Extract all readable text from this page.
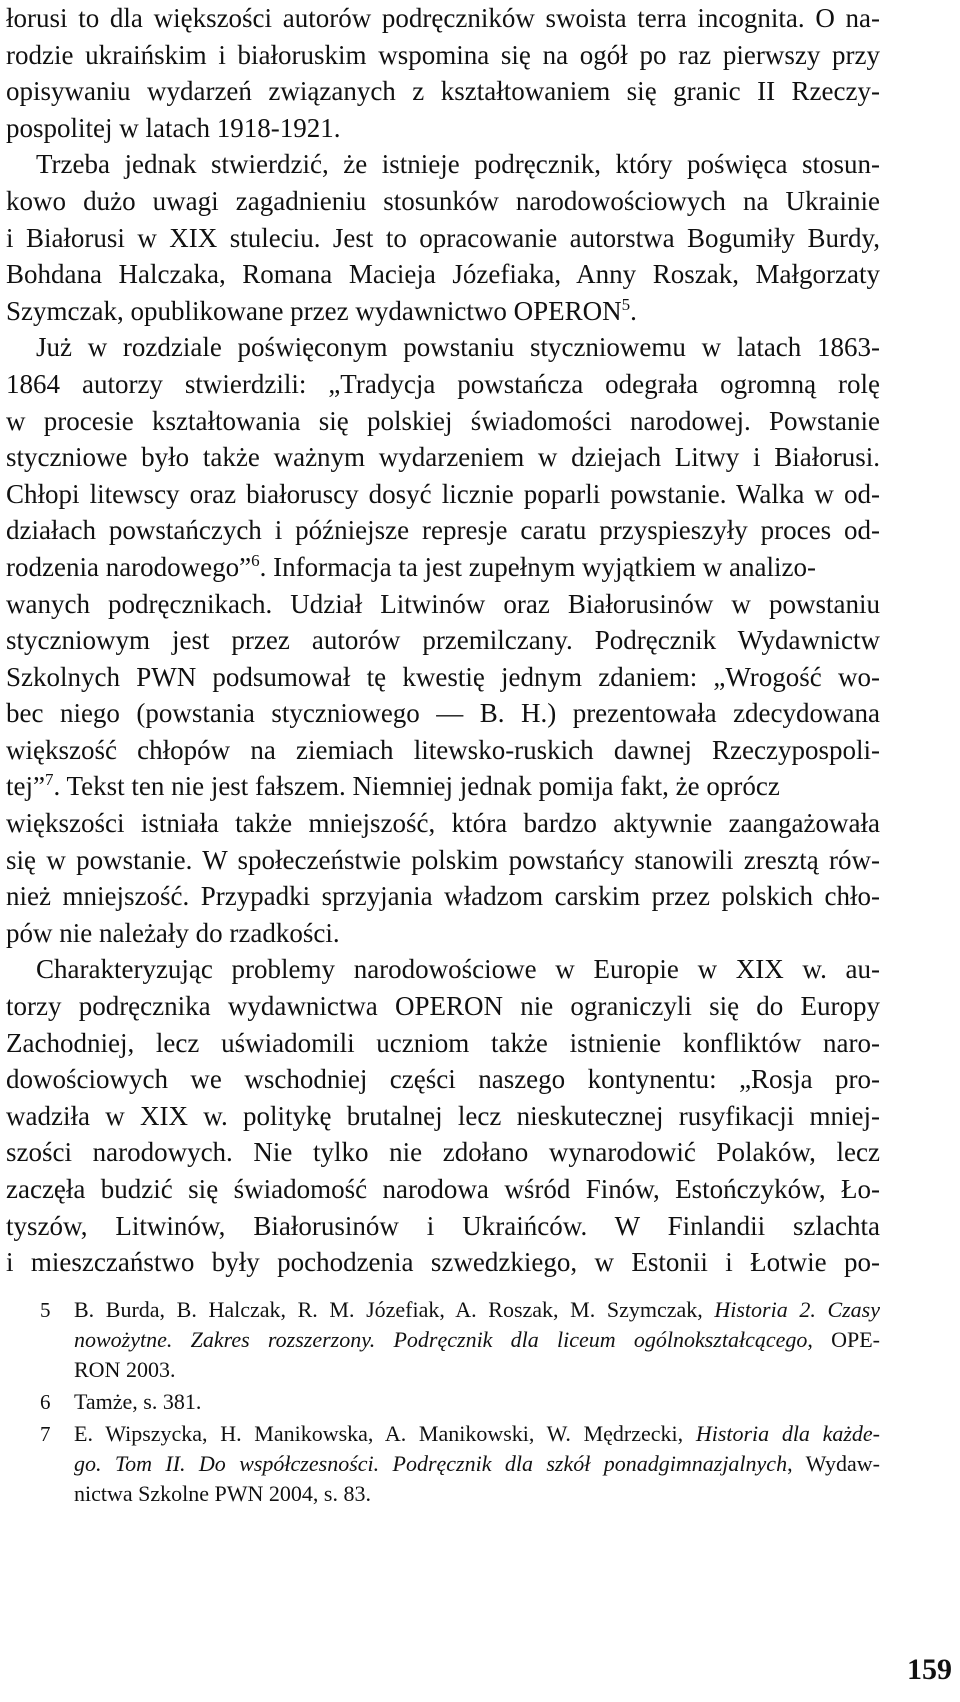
łorusi to dla większości autorów podręczników swoista terra incognita. O na-
rodzie ukraińskim i białoruskim wspomina się na ogół po raz pierwszy przy
opisywaniu wydarzeń związanych z kształtowaniem się granic II Rzeczy-
pospolitej w latach 1918-1921.
Trzeba jednak stwierdzić, że istnieje podręcznik, który poświęca stosun-
kowo dużo uwagi zagadnieniu stosunków narodowościowych na Ukrainie
i Białorusi w XIX stuleciu. Jest to opracowanie autorstwa Bogumiły Burdy,
Bohdana Halczaka, Romana Macieja Józefiaka, Anny Roszak, Małgorzaty
Szymczak, opublikowane przez wydawnictwo OPERON$^5$.
Już w rozdziale poświęconym powstaniu styczniowemu w latach 1863-
1864 autorzy stwierdzili: „Tradycja powstańcza odegrała ogromną rolę
w procesie kształtowania się polskiej świadomości narodowej. Powstanie
styczniowe było także ważnym wydarzeniem w dziejach Litwy i Białorusi.
Chłopi litewscy oraz białoruscy dosyć licznie poparli powstanie. Walka w od-
działach powstańczych i późniejsze represje caratu przyspieszyły proces od-
rodzenia narodowego”$^6$. Informacja ta jest zupełnym wyjątkiem w analizo-
wanych podręcznikach. Udział Litwinów oraz Białorusinów w powstaniu
styczniowym jest przez autorów przemilczany. Podręcznik Wydawnictw
Szkolnych PWN podsumował tę kwestię jednym zdaniem: „Wrogość wo-
bec niego (powstania styczniowego — B. H.) prezentowała zdecydowana
większość chłopów na ziemiach litewsko-ruskich dawnej Rzeczypospoli-
tej”$^7$. Tekst ten nie jest fałszem. Niemniej jednak pomija fakt, że oprócz
większości istniała także mniejszość, która bardzo aktywnie zaangażowała
się w powstanie. W społeczeństwie polskim powstańcy stanowili zresztą rów-
nież mniejszość. Przypadki sprzyjania władzom carskim przez polskich chło-
pów nie należały do rzadkości.
Charakteryzując problemy narodowościowe w Europie w XIX w. au-
torzy podręcznika wydawnictwa OPERON nie ograniczyli się do Europy
Zachodniej, lecz uświadomili uczniom także istnienie konfliktów naro-
dowościowych we wschodniej części naszego kontynentu: „Rosja pro-
wadziła w XIX w. politykę brutalnej lecz nieskutecznej rusyfikacji mniej-
szości narodowych. Nie tylko nie zdołano wynarodowić Polaków, lecz
zaczęła budzić się świadomość narodowa wśród Finów, Estończyków, Ło-
tyszów, Litwinów, Białorusinów i Ukraińców. W Finlandii szlachta
i mieszczaństwo były pochodzenia szwedzkiego, w Estonii i Łotwie po-
5 B. Burda, B. Halczak, R. M. Józefiak, A. Roszak, M. Szymczak, Historia 2. Czasy
nowożytne. Zakres rozszerzony. Podręcznik dla liceum ogólnokształcącego, OPE-
RON 2003.
6 Tamże, s. 381.
7 E. Wipszycka, H. Manikowska, A. Manikowski, W. Mędrzecki, Historia dla każde-
go. Tom II. Do współczesności. Podręcznik dla szkół ponadgimnazjalnych, Wydaw-
nictwa Szkolne PWN 2004, s. 83.
159
